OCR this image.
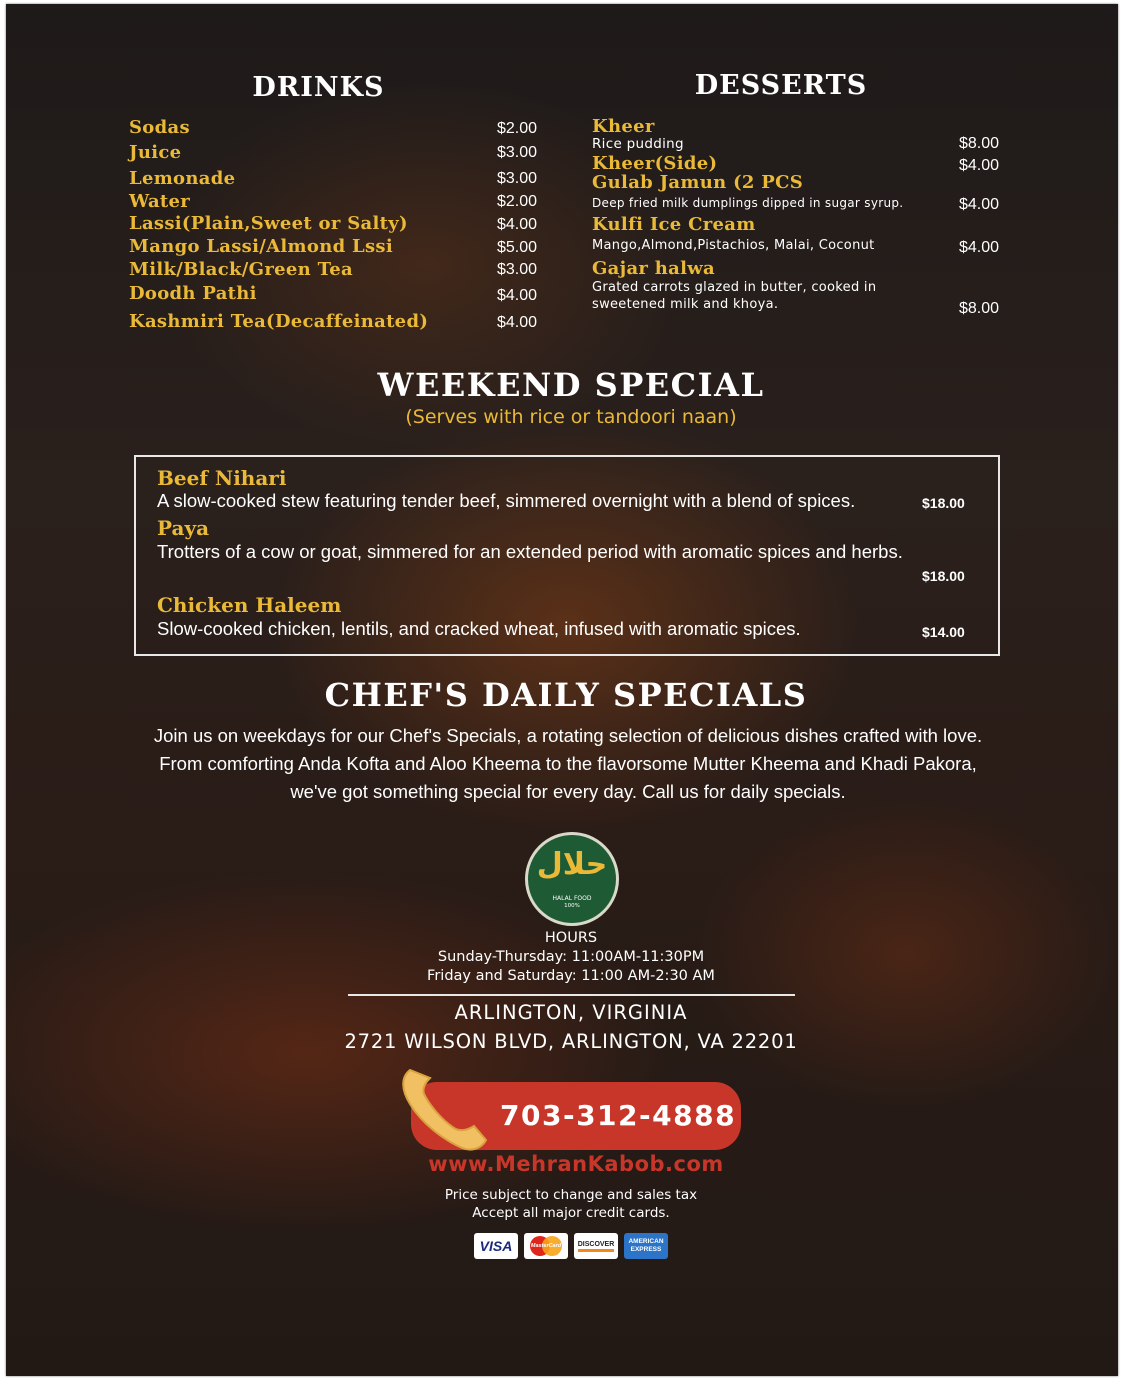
DRINKS
Sodas	$2.00
Juice	$3.00
Lemonade	$3.00
Water	$2.00
Lassi(Plain,Sweet or Salty)	$4.00
Mango Lassi/Almond Lssi	$5.00
Milk/Black/Green Tea	$3.00
Doodh Pathi	$4.00
Kashmiri Tea(Decaffeinated)	$4.00
DESSERTS
Kheer
Rice pudding	$8.00
Kheer(Side)	$4.00
Gulab Jamun (2 PCS
Deep fried milk dumplings dipped in sugar syrup.	$4.00
Kulfi Ice Cream
Mango,Almond,Pistachios, Malai, Coconut	$4.00
Gajar halwa
Grated carrots glazed in butter, cooked in
sweetened milk and khoya.	$8.00
WEEKEND SPECIAL
(Serves with rice or tandoori naan)
Beef Nihari
A slow-cooked stew featuring tender beef, simmered overnight with a blend of spices.	$18.00
Paya
Trotters of a cow or goat, simmered for an extended period with aromatic spices and herbs.
$18.00
Chicken Haleem
Slow-cooked chicken, lentils, and cracked wheat, infused with aromatic spices.	$14.00
CHEF'S DAILY SPECIALS
Join us on weekdays for our Chef's Specials, a rotating selection of delicious dishes crafted with love.
From comforting Anda Kofta and Aloo Kheema to the flavorsome Mutter Kheema and Khadi Pakora,
we've got something special for every day. Call us for daily specials.
حلال
HALAL FOOD
100%
HOURS
Sunday-Thursday: 11:00AM-11:30PM
Friday and Saturday: 11:00 AM-2:30 AM
ARLINGTON, VIRGINIA
2721 WILSON BLVD, ARLINGTON, VA 22201
703-312-4888
www.MehranKabob.com
Price subject to change and sales tax
Accept all major credit cards.
VISA	MasterCard DISCOVER AMERICAN
EXPRESS
